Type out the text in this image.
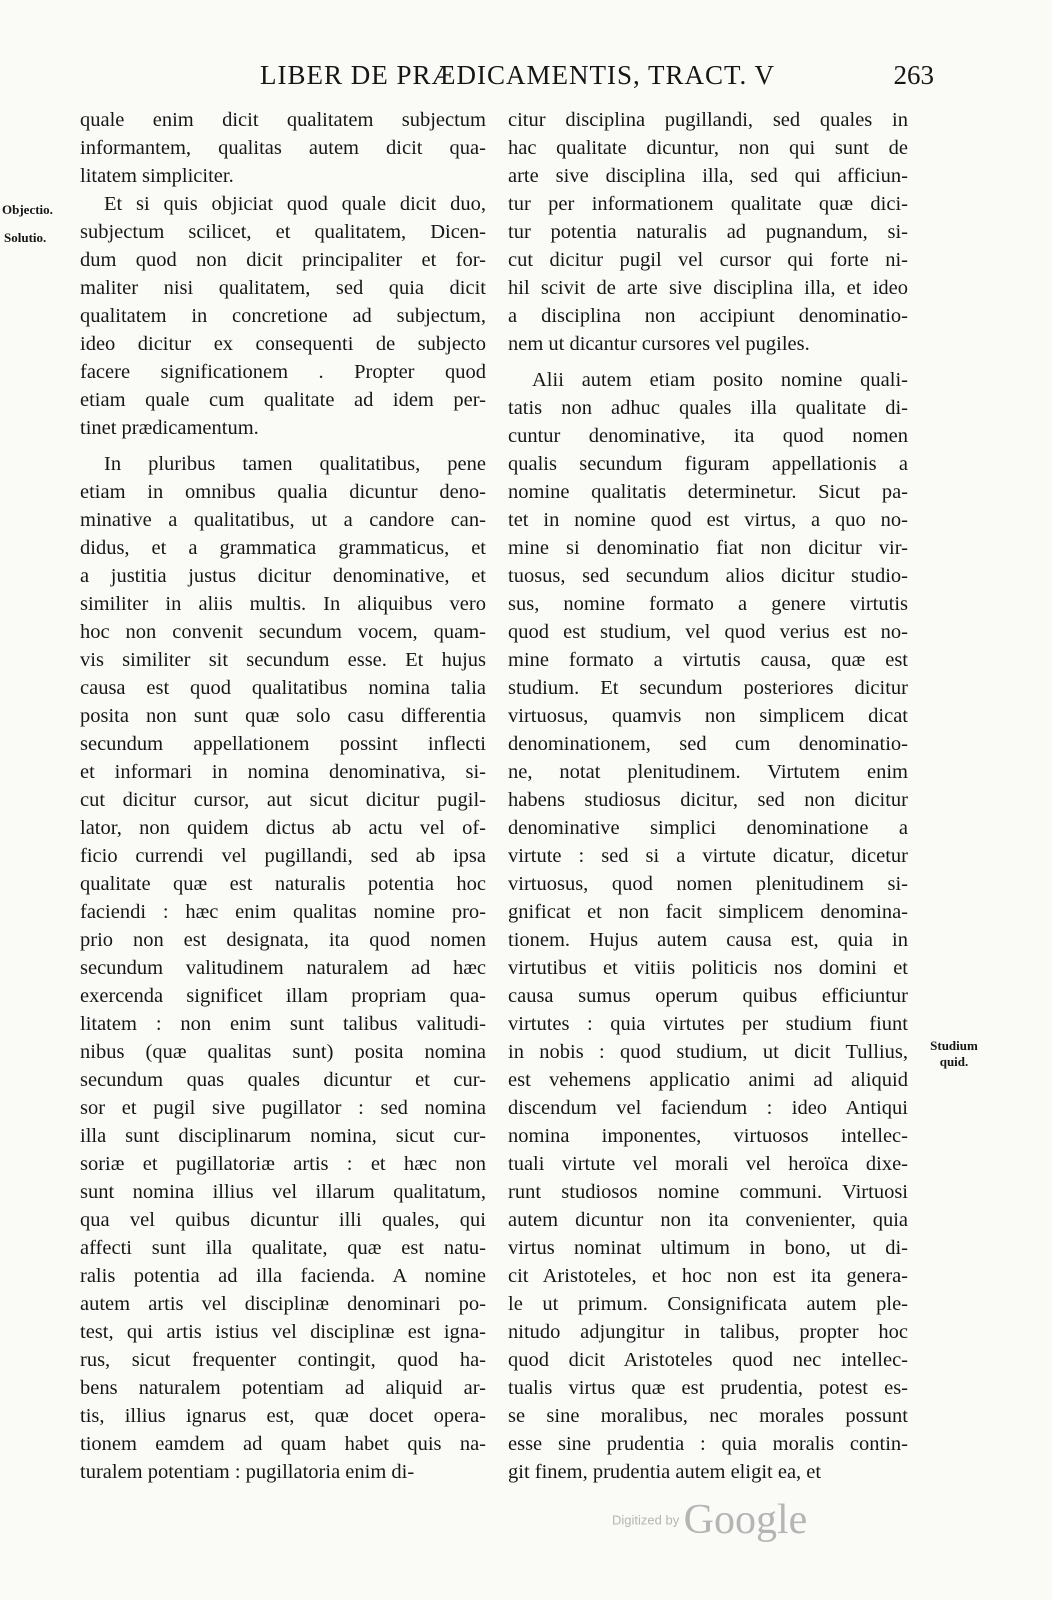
LIBER DE PRÆDICAMENTIS, TRACT. V	263
Objectio.
Solutio.
Studium
quid.
quale enim dicit qualitatem subjectum
informantem, qualitas autem dicit qua-
litatem simpliciter.
Et si quis objiciat quod quale dicit duo,
subjectum scilicet, et qualitatem, Dicen-
dum quod non dicit principaliter et for-
maliter nisi qualitatem, sed quia dicit
qualitatem in concretione ad subjectum,
ideo dicitur ex consequenti de subjecto
facere significationem . Propter quod
etiam quale cum qualitate ad idem per-
tinet prædicamentum.
In pluribus tamen qualitatibus, pene
etiam in omnibus qualia dicuntur deno-
minative a qualitatibus, ut a candore can-
didus, et a grammatica grammaticus, et
a justitia justus dicitur denominative, et
similiter in aliis multis. In aliquibus vero
hoc non convenit secundum vocem, quam-
vis similiter sit secundum esse. Et hujus
causa est quod qualitatibus nomina talia
posita non sunt quæ solo casu differentia
secundum appellationem possint inflecti
et informari in nomina denominativa, si-
cut dicitur cursor, aut sicut dicitur pugil-
lator, non quidem dictus ab actu vel of-
ficio currendi vel pugillandi, sed ab ipsa
qualitate quæ est naturalis potentia hoc
faciendi : hæc enim qualitas nomine pro-
prio non est designata, ita quod nomen
secundum valitudinem naturalem ad hæc
exercenda significet illam propriam qua-
litatem : non enim sunt talibus valitudi-
nibus (quæ qualitas sunt) posita nomina
secundum quas quales dicuntur et cur-
sor et pugil sive pugillator : sed nomina
illa sunt disciplinarum nomina, sicut cur-
soriæ et pugillatoriæ artis : et hæc non
sunt nomina illius vel illarum qualitatum,
qua vel quibus dicuntur illi quales, qui
affecti sunt illa qualitate, quæ est natu-
ralis potentia ad illa facienda. A nomine
autem artis vel disciplinæ denominari po-
test, qui artis istius vel disciplinæ est igna-
rus, sicut frequenter contingit, quod ha-
bens naturalem potentiam ad aliquid ar-
tis, illius ignarus est, quæ docet opera-
tionem eamdem ad quam habet quis na-
turalem potentiam : pugillatoria enim di-
citur disciplina pugillandi, sed quales in
hac qualitate dicuntur, non qui sunt de
arte sive disciplina illa, sed qui afficiun-
tur per informationem qualitate quæ dici-
tur potentia naturalis ad pugnandum, si-
cut dicitur pugil vel cursor qui forte ni-
hil scivit de arte sive disciplina illa, et ideo
a disciplina non accipiunt denominatio-
nem ut dicantur cursores vel pugiles.
Alii autem etiam posito nomine quali-
tatis non adhuc quales illa qualitate di-
cuntur denominative, ita quod nomen
qualis secundum figuram appellationis a
nomine qualitatis determinetur. Sicut pa-
tet in nomine quod est virtus, a quo no-
mine si denominatio fiat non dicitur vir-
tuosus, sed secundum alios dicitur studio-
sus, nomine formato a genere virtutis
quod est studium, vel quod verius est no-
mine formato a virtutis causa, quæ est
studium. Et secundum posteriores dicitur
virtuosus, quamvis non simplicem dicat
denominationem, sed cum denominatio-
ne, notat plenitudinem. Virtutem enim
habens studiosus dicitur, sed non dicitur
denominative simplici denominatione a
virtute : sed si a virtute dicatur, dicetur
virtuosus, quod nomen plenitudinem si-
gnificat et non facit simplicem denomina-
tionem. Hujus autem causa est, quia in
virtutibus et vitiis politicis nos domini et
causa sumus operum quibus efficiuntur
virtutes : quia virtutes per studium fiunt
in nobis : quod studium, ut dicit Tullius,
est vehemens applicatio animi ad aliquid
discendum vel faciendum : ideo Antiqui
nomina imponentes, virtuosos intellec-
tuali virtute vel morali vel heroïca dixe-
runt studiosos nomine communi. Virtuosi
autem dicuntur non ita convenienter, quia
virtus nominat ultimum in bono, ut di-
cit Aristoteles, et hoc non est ita genera-
le ut primum. Consignificata autem ple-
nitudo adjungitur in talibus, propter hoc
quod dicit Aristoteles quod nec intellec-
tualis virtus quæ est prudentia, potest es-
se sine moralibus, nec morales possunt
esse sine prudentia : quia moralis contin-
git finem, prudentia autem eligit ea, et
Digitized by Google
